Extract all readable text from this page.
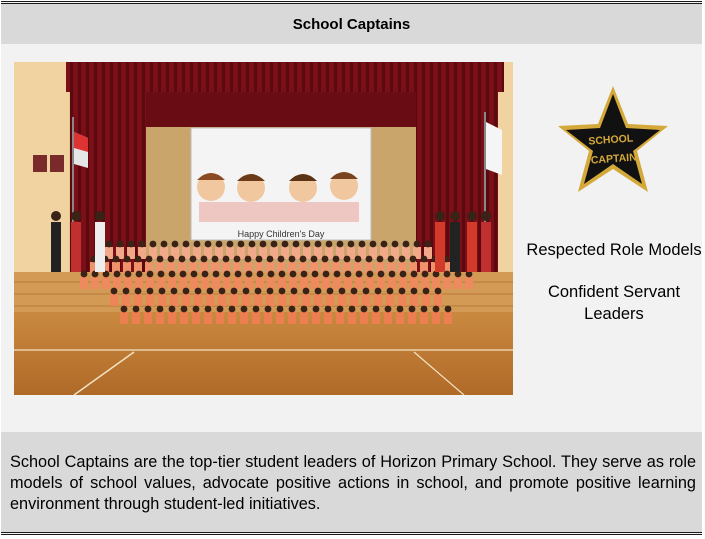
School Captains
Happy Children's Day
SCHOOL
CAPTAIN
Respected Role Models
Confident Servant Leaders
School Captains are the top-tier student leaders of Horizon Primary School. They serve as role models of school values, advocate positive actions in school, and promote positive learning environment through student-led initiatives.
